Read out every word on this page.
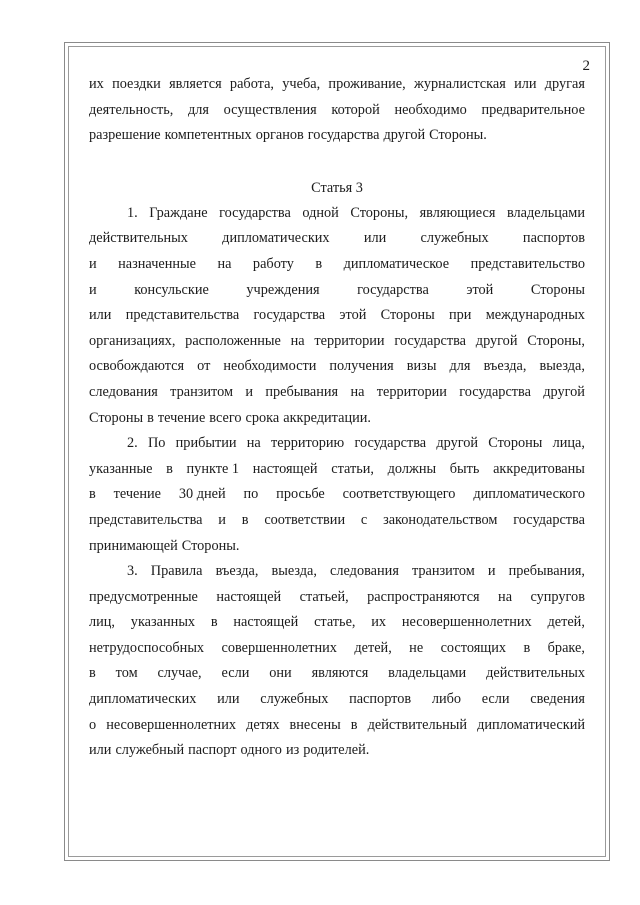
2
их поездки является работа, учеба, проживание, журналистская или другая
деятельность, для осуществления которой необходимо предварительное
разрешение компетентных органов государства другой Стороны.
Статья 3
1. Граждане государства одной Стороны, являющиеся владельцами
действительных дипломатических или служебных паспортов
и назначенные на работу в дипломатическое представительство
и	консульские	учреждения	государства	этой	Стороны
или представительства государства этой Стороны при международных
организациях, расположенные на территории государства другой Стороны,
освобождаются от необходимости получения визы для въезда, выезда,
следования транзитом и пребывания на территории государства другой
Стороны в течение всего срока аккредитации.
2. По прибытии на территорию государства другой Стороны лица,
указанные в пункте 1 настоящей статьи, должны быть аккредитованы
в течение 30 дней по просьбе соответствующего дипломатического
представительства и в соответствии с законодательством государства
принимающей Стороны.
3. Правила въезда, выезда, следования транзитом и пребывания,
предусмотренные настоящей статьей, распространяются на супругов
лиц, указанных в настоящей статье, их несовершеннолетних детей,
нетрудоспособных совершеннолетних детей, не состоящих в браке,
в том случае, если они являются владельцами действительных
дипломатических или служебных паспортов либо если сведения
о несовершеннолетних детях внесены в действительный дипломатический
или служебный паспорт одного из родителей.
